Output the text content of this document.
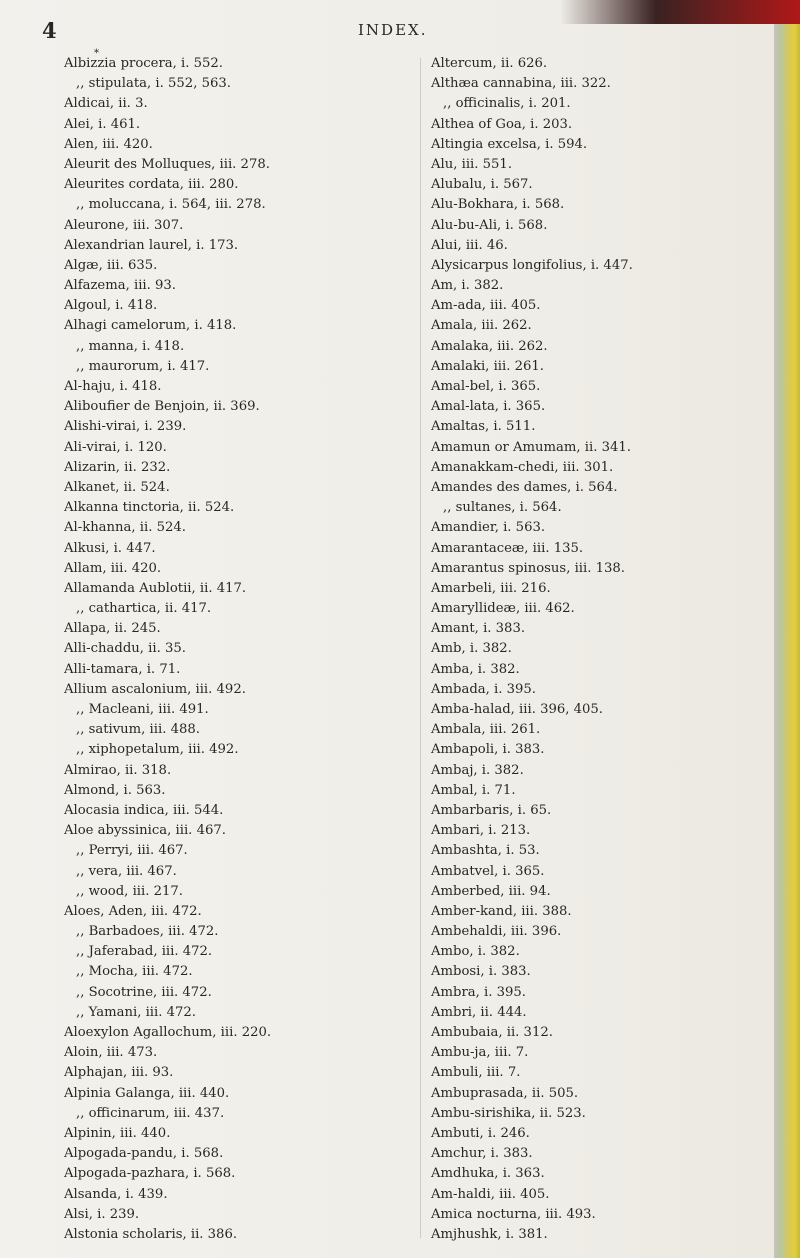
4	INDEX.
*
Albizzia procera, i. 552.
,, stipulata, i. 552, 563.
Aldicai, ii. 3.
Alei, i. 461.
Alen, iii. 420.
Aleurit des Molluques, iii. 278.
Aleurites cordata, iii. 280.
,, moluccana, i. 564, iii. 278.
Aleurone, iii. 307.
Alexandrian laurel, i. 173.
Algæ, iii. 635.
Alfazema, iii. 93.
Algoul, i. 418.
Alhagi camelorum, i. 418.
,, manna, i. 418.
,, maurorum, i. 417.
Al-haju, i. 418.
Aliboufier de Benjoin, ii. 369.
Alishi-virai, i. 239.
Ali-virai, i. 120.
Alizarin, ii. 232.
Alkanet, ii. 524.
Alkanna tinctoria, ii. 524.
Al-khanna, ii. 524.
Alkusi, i. 447.
Allam, iii. 420.
Allamanda Aublotii, ii. 417.
,, cathartica, ii. 417.
Allapa, ii. 245.
Alli-chaddu, ii. 35.
Alli-tamara, i. 71.
Allium ascalonium, iii. 492.
,, Macleani, iii. 491.
,, sativum, iii. 488.
,, xiphopetalum, iii. 492.
Almirao, ii. 318.
Almond, i. 563.
Alocasia indica, iii. 544.
Aloe abyssinica, iii. 467.
,, Perryi, iii. 467.
,, vera, iii. 467.
,, wood, iii. 217.
Aloes, Aden, iii. 472.
,, Barbadoes, iii. 472.
,, Jaferabad, iii. 472.
,, Mocha, iii. 472.
,, Socotrine, iii. 472.
,, Yamani, iii. 472.
Aloexylon Agallochum, iii. 220.
Aloin, iii. 473.
Alphajan, iii. 93.
Alpinia Galanga, iii. 440.
,, officinarum, iii. 437.
Alpinin, iii. 440.
Alpogada-pandu, i. 568.
Alpogada-pazhara, i. 568.
Alsanda, i. 439.
Alsi, i. 239.
Alstonia scholaris, ii. 386.
Altercum, ii. 626.
Althæa cannabina, iii. 322.
,, officinalis, i. 201.
Althea of Goa, i. 203.
Altingia excelsa, i. 594.
Alu, iii. 551.
Alubalu, i. 567.
Alu-Bokhara, i. 568.
Alu-bu-Ali, i. 568.
Alui, iii. 46.
Alysicarpus longifolius, i. 447.
Am, i. 382.
Am-ada, iii. 405.
Amala, iii. 262.
Amalaka, iii. 262.
Amalaki, iii. 261.
Amal-bel, i. 365.
Amal-lata, i. 365.
Amaltas, i. 511.
Amamun or Amumam, ii. 341.
Amanakkam-chedi, iii. 301.
Amandes des dames, i. 564.
,, sultanes, i. 564.
Amandier, i. 563.
Amarantaceæ, iii. 135.
Amarantus spinosus, iii. 138.
Amarbeli, iii. 216.
Amaryllideæ, iii. 462.
Amant, i. 383.
Amb, i. 382.
Amba, i. 382.
Ambada, i. 395.
Amba-halad, iii. 396, 405.
Ambala, iii. 261.
Ambapoli, i. 383.
Ambaj, i. 382.
Ambal, i. 71.
Ambarbaris, i. 65.
Ambari, i. 213.
Ambashta, i. 53.
Ambatvel, i. 365.
Amberbed, iii. 94.
Amber-kand, iii. 388.
Ambehaldi, iii. 396.
Ambo, i. 382.
Ambosi, i. 383.
Ambra, i. 395.
Ambri, ii. 444.
Ambubaia, ii. 312.
Ambu-ja, iii. 7.
Ambuli, iii. 7.
Ambuprasada, ii. 505.
Ambu-sirishika, ii. 523.
Ambuti, i. 246.
Amchur, i. 383.
Amdhuka, i. 363.
Am-haldi, iii. 405.
Amica nocturna, iii. 493.
Amjhushk, i. 381.
